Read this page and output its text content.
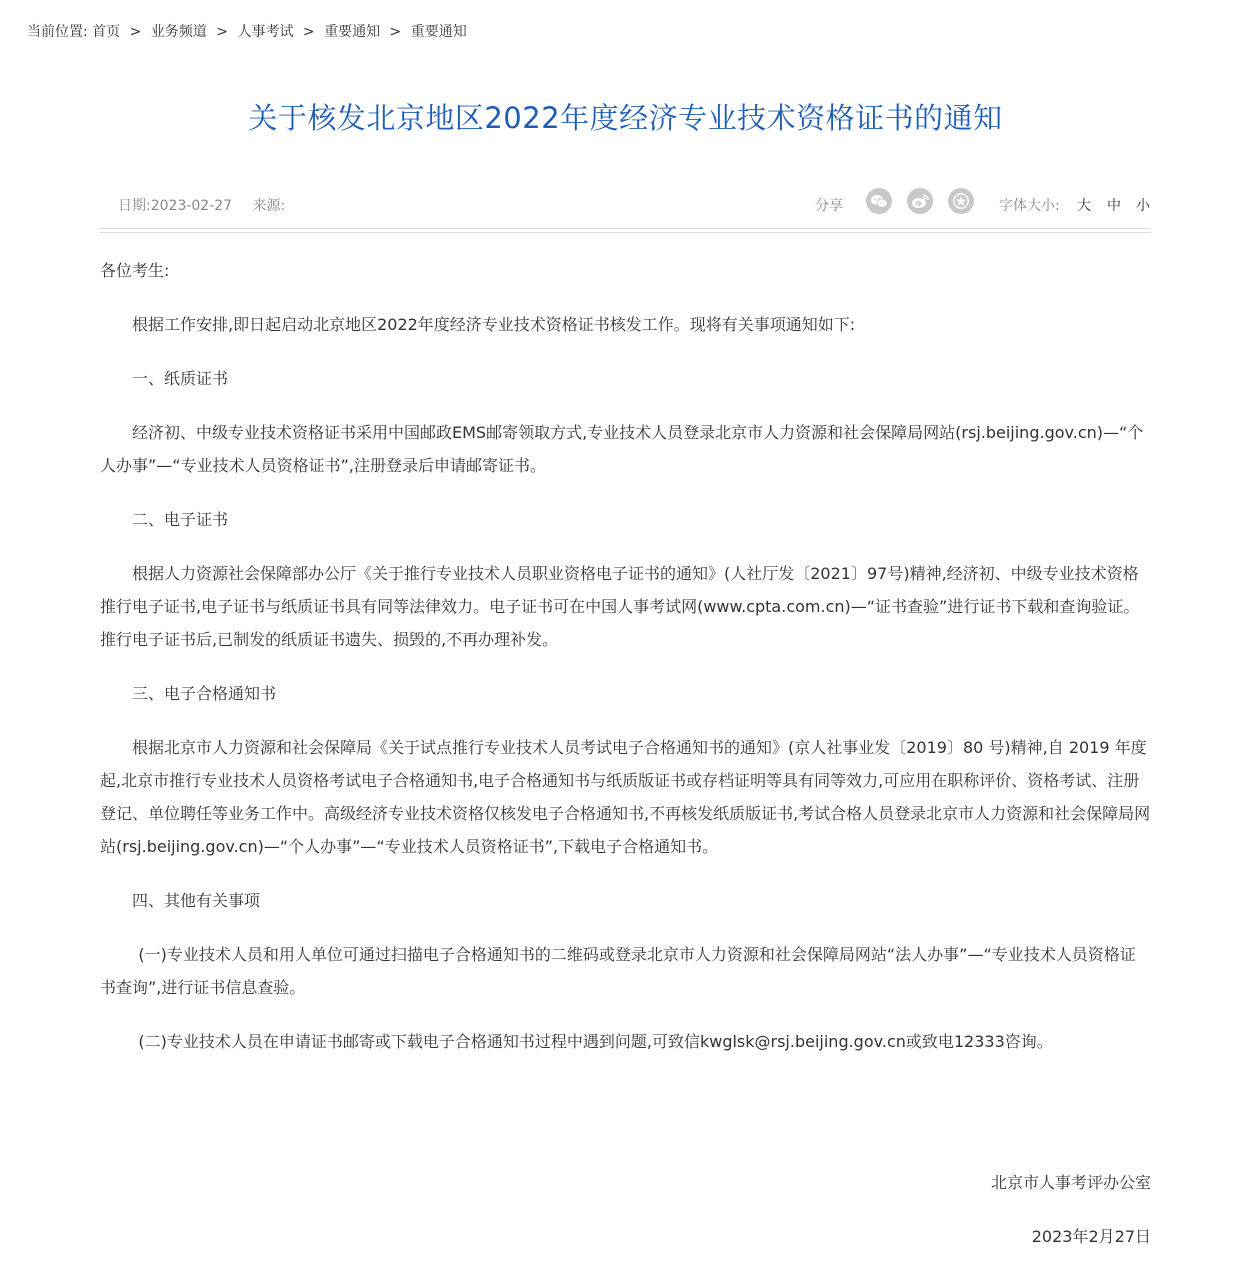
当前位置: 首页 > 业务频道 > 人事考试 > 重要通知 > 重要通知
关于核发北京地区2022年度经济专业技术资格证书的通知
日期:2023-02-27 来源:	分享	字体大小: 大 中 小

各位考生:

根据工作安排,即日起启动北京地区2022年度经济专业技术资格证书核发工作。现将有关事项通知如下:

一、纸质证书

经济初、中级专业技术资格证书采用中国邮政EMS邮寄领取方式,专业技术人员登录北京市人力资源和社会保障局网站(rsj.beijing.gov.cn)—“个人办事”—“专业技术人员资格证书”,注册登录后申请邮寄证书。

二、电子证书

根据人力资源社会保障部办公厅《关于推行专业技术人员职业资格电子证书的通知》(人社厅发〔2021〕97号)精神,经济初、中级专业技术资格推行电子证书,电子证书与纸质证书具有同等法律效力。电子证书可在中国人事考试网(www.cpta.com.cn)—“证书查验”进行证书下载和查询验证。推行电子证书后,已制发的纸质证书遗失、损毁的,不再办理补发。

三、电子合格通知书

根据北京市人力资源和社会保障局《关于试点推行专业技术人员考试电子合格通知书的通知》(京人社事业发〔2019〕80 号)精神,自 2019 年度起,北京市推行专业技术人员资格考试电子合格通知书,电子合格通知书与纸质版证书或存档证明等具有同等效力,可应用在职称评价、资格考试、注册登记、单位聘任等业务工作中。高级经济专业技术资格仅核发电子合格通知书,不再核发纸质版证书,考试合格人员登录北京市人力资源和社会保障局网站(rsj.beijing.gov.cn)—“个人办事”—“专业技术人员资格证书”,下载电子合格通知书。

四、其他有关事项

(一)专业技术人员和用人单位可通过扫描电子合格通知书的二维码或登录北京市人力资源和社会保障局网站“法人办事”—“专业技术人员资格证书查询”,进行证书信息查验。

(二)专业技术人员在申请证书邮寄或下载电子合格通知书过程中遇到问题,可致信kwglsk@rsj.beijing.gov.cn或致电12333咨询。

北京市人事考评办公室
2023年2月27日
